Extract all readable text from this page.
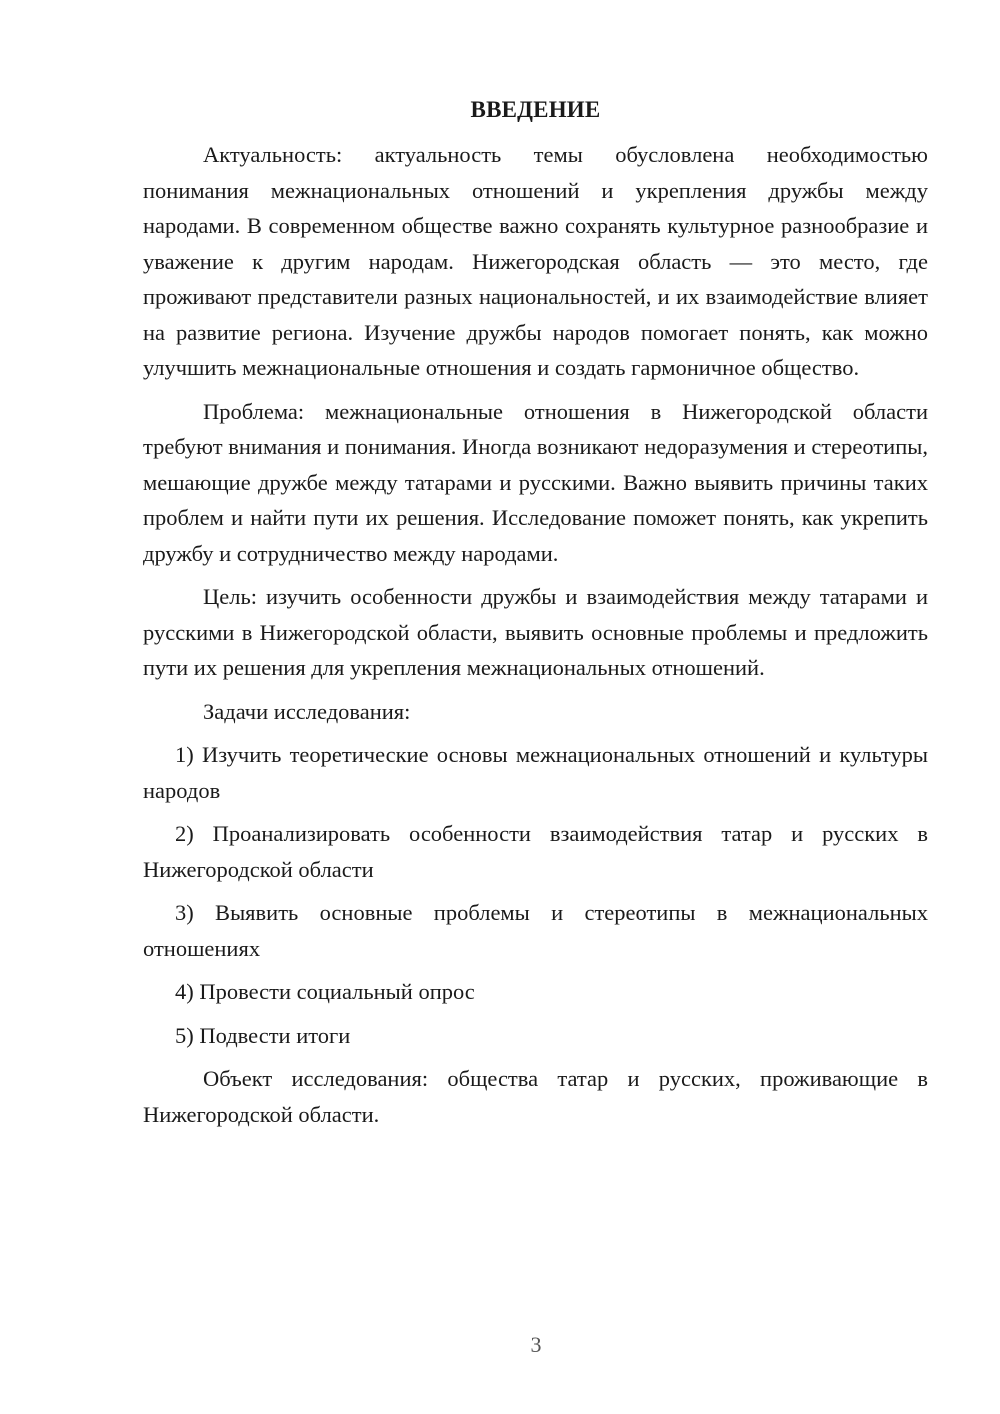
ВВЕДЕНИЕ

Актуальность: актуальность темы обусловлена необходимостью понимания межнациональных отношений и укрепления дружбы между народами. В современном обществе важно сохранять культурное разнообразие и уважение к другим народам. Нижегородская область — это место, где проживают представители разных национальностей, и их взаимодействие влияет на развитие региона. Изучение дружбы народов помогает понять, как можно улучшить межнациональные отношения и создать гармоничное общество.

Проблема: межнациональные отношения в Нижегородской области требуют внимания и понимания. Иногда возникают недоразумения и стереотипы, мешающие дружбе между татарами и русскими. Важно выявить причины таких проблем и найти пути их решения. Исследование поможет понять, как укрепить дружбу и сотрудничество между народами.

Цель: изучить особенности дружбы и взаимодействия между татарами и русскими в Нижегородской области, выявить основные проблемы и предложить пути их решения для укрепления межнациональных отношений.

Задачи исследования:

1) Изучить теоретические основы межнациональных отношений и культуры народов

2) Проанализировать особенности взаимодействия татар и русских в Нижегородской области

3) Выявить основные проблемы и стереотипы в межнациональных отношениях

4) Провести социальный опрос

5) Подвести итоги

Объект исследования: общества татар и русских, проживающие в Нижегородской области.

3
